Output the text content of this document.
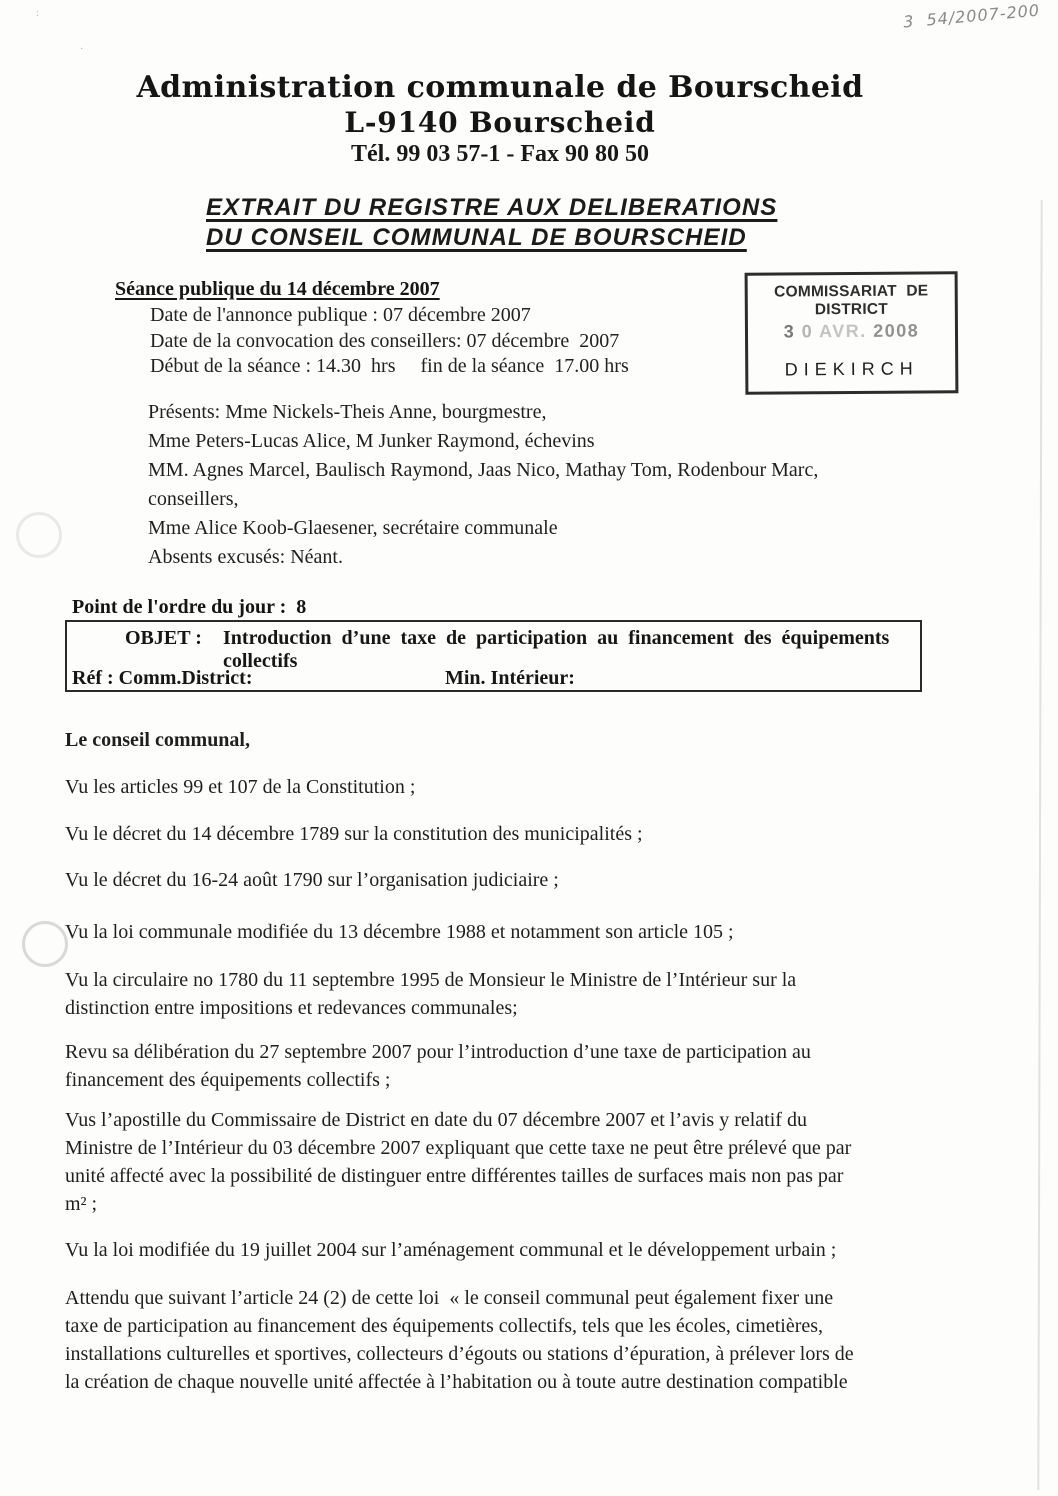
:
·
3  54/2007-200
Administration communale de Bourscheid
L-9140 Bourscheid
Tél. 99 03 57-1 - Fax 90 80 50
EXTRAIT DU REGISTRE AUX DELIBERATIONS
DU CONSEIL COMMUNAL DE BOURSCHEID
Séance publique du 14 décembre 2007
Date de l'annonce publique : 07 décembre 2007
Date de la convocation des conseillers: 07 décembre  2007
Début de la séance : 14.30  hrs     fin de la séance  17.00 hrs
COMMISSARIAT DE DISTRICT
3 0 AVR. 2008
DIEKIRCH
Présents: Mme Nickels-Theis Anne, bourgmestre,
Mme Peters-Lucas Alice, M Junker Raymond, échevins
MM. Agnes Marcel, Baulisch Raymond, Jaas Nico, Mathay Tom, Rodenbour Marc,
conseillers,
Mme Alice Koob-Glaesener, secrétaire communale
Absents excusés: Néant.
Point de l'ordre du jour :  8
OBJET : Introduction d’une taxe de participation au financement des équipements
collectifs
Réf : Comm.District:	Min. Intérieur:
Le conseil communal,
Vu les articles 99 et 107 de la Constitution ;
Vu le décret du 14 décembre 1789 sur la constitution des municipalités ;
Vu le décret du 16-24 août 1790 sur l’organisation judiciaire ;
Vu la loi communale modifiée du 13 décembre 1988 et notamment son article 105 ;
Vu la circulaire no 1780 du 11 septembre 1995 de Monsieur le Ministre de l’Intérieur sur la
distinction entre impositions et redevances communales;
Revu sa délibération du 27 septembre 2007 pour l’introduction d’une taxe de participation au
financement des équipements collectifs ;
Vus l’apostille du Commissaire de District en date du 07 décembre 2007 et l’avis y relatif du
Ministre de l’Intérieur du 03 décembre 2007 expliquant que cette taxe ne peut être prélevé que par
unité affecté avec la possibilité de distinguer entre différentes tailles de surfaces mais non pas par
m² ;
Vu la loi modifiée du 19 juillet 2004 sur l’aménagement communal et le développement urbain ;
Attendu que suivant l’article 24 (2) de cette loi  « le conseil communal peut également fixer une
taxe de participation au financement des équipements collectifs, tels que les écoles, cimetières,
installations culturelles et sportives, collecteurs d’égouts ou stations d’épuration, à prélever lors de
la création de chaque nouvelle unité affectée à l’habitation ou à toute autre destination compatible
